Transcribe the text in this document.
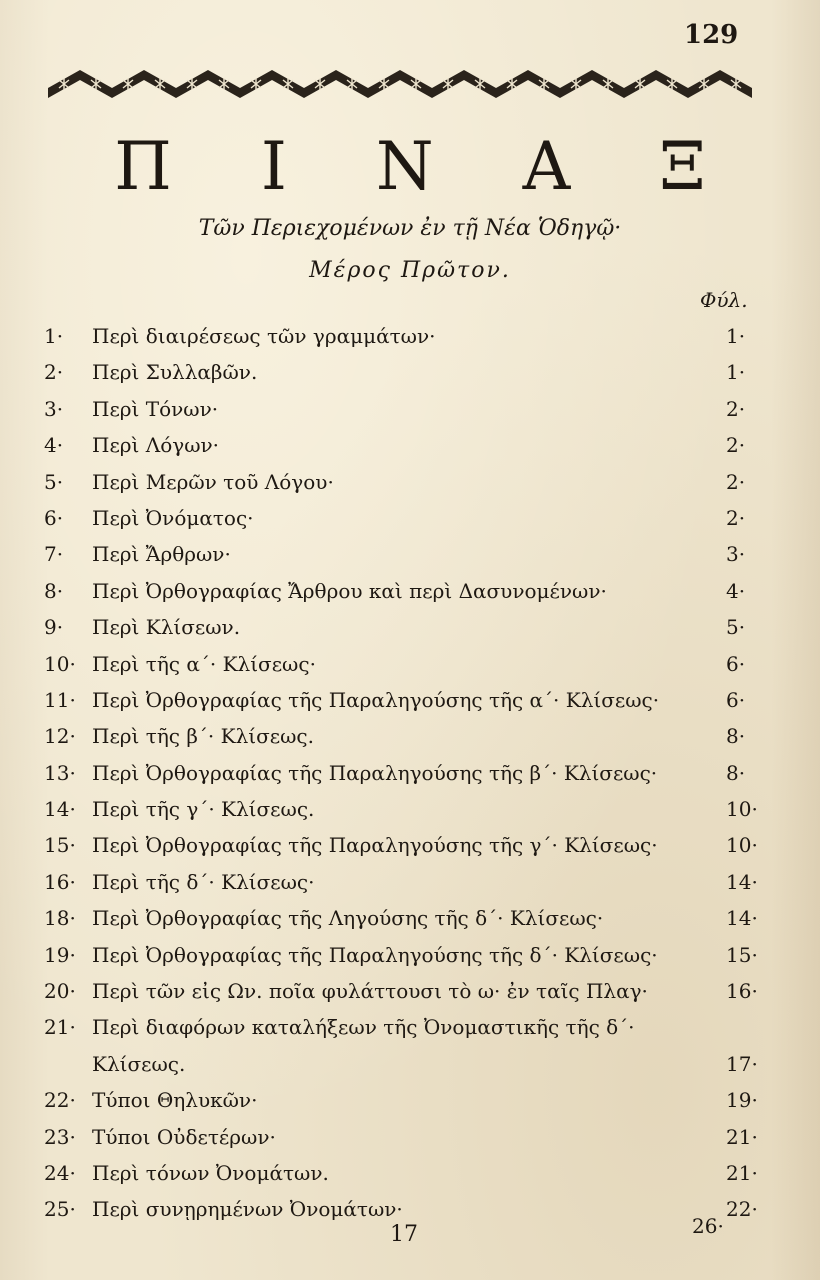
129
Π Ι Ν Α Ξ
Τῶν Περιεχομένων ἐν τῇ Νέα Ὁδηγῷ·
Μέρος Πρῶτον.
Φύλ.
1·	Περὶ διαιρέσεως τῶν γραμμάτων·	1·
2·	Περὶ Συλλαβῶν.	1·
3·	Περὶ Τόνων·	2·
4·	Περὶ Λόγων·	2·
5·	Περὶ Μερῶν τοῦ Λόγου·	2·
6·	Περὶ Ὀνόματος·	2·
7·	Περὶ Ἄρθρων·	3·
8·	Περὶ Ὀρθογραφίας Ἄρθρου καὶ περὶ Δασυνομένων·	4·
9·	Περὶ Κλίσεων.	5·
10· Περὶ τῆς α΄· Κλίσεως·	6·
11· Περὶ Ὀρθογραφίας τῆς Παραληγούσης τῆς α΄· Κλίσεως·	6·
12· Περὶ τῆς β΄· Κλίσεως.	8·
13· Περὶ Ὀρθογραφίας τῆς Παραληγούσης τῆς β΄· Κλίσεως·	8·
14· Περὶ τῆς γ΄· Κλίσεως.	10·
15· Περὶ Ὀρθογραφίας τῆς Παραληγούσης τῆς γ΄· Κλίσεως·	10·
16· Περὶ τῆς δ΄· Κλίσεως·	14·
18· Περὶ Ὀρθογραφίας τῆς Ληγούσης τῆς δ΄· Κλίσεως·	14·
19· Περὶ Ὀρθογραφίας τῆς Παραληγούσης τῆς δ΄· Κλίσεως·	15·
20· Περὶ τῶν εἰς Ων. ποῖα φυλάττουσι τὸ ω· ἐν ταῖς Πλαγ·	16·
21· Περὶ διαφόρων καταλήξεων τῆς Ὀνομαστικῆς τῆς δ΄·
Κλίσεως.	17·
22· Τύποι Θηλυκῶν·	19·
23· Τύποι Οὐδετέρων·	21·
24· Περὶ τόνων Ὀνομάτων.	21·
25· Περὶ συνῃρημένων Ὀνομάτων·	22·
17	26·
